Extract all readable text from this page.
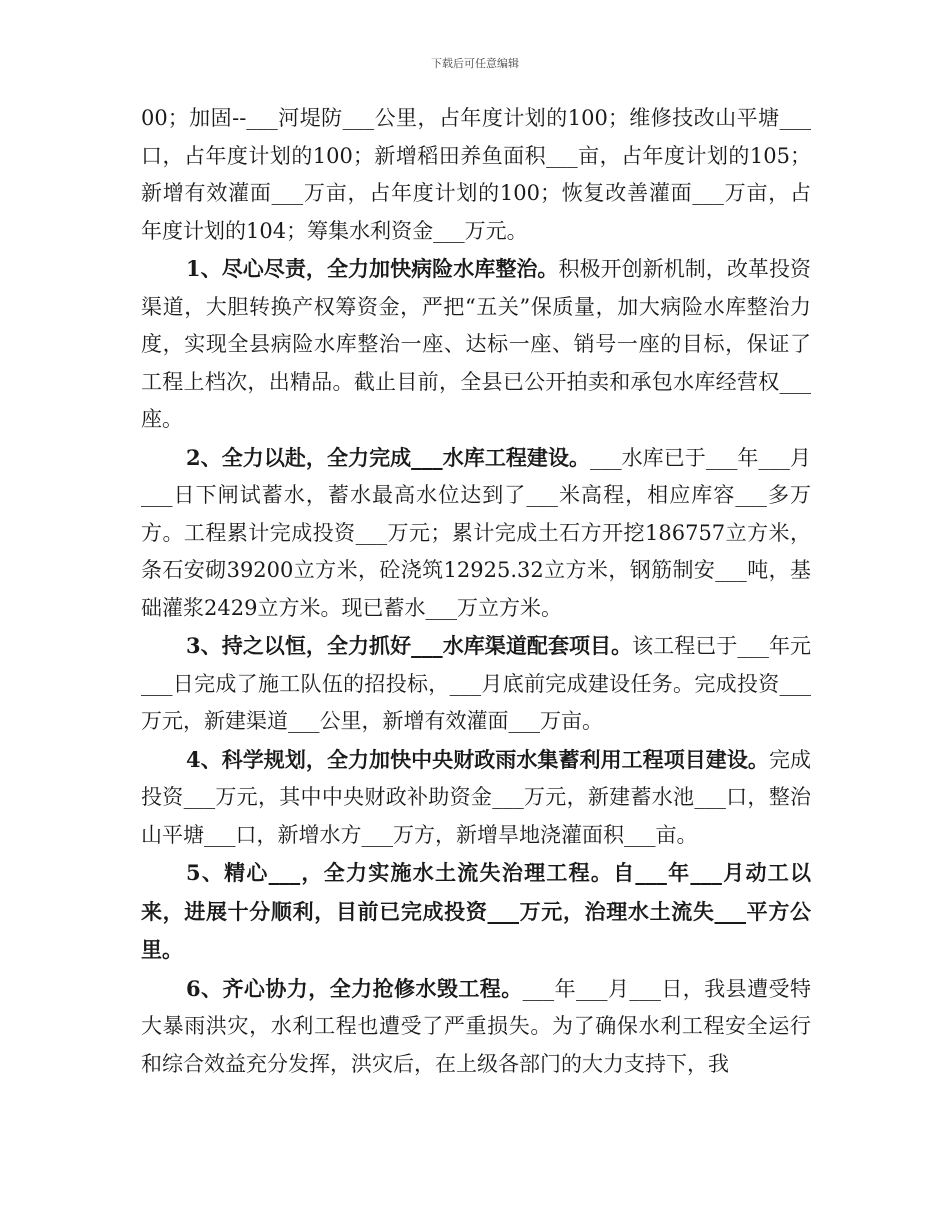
下载后可任意编辑

00；加固--___河堤防___公里，占年度计划的100；维修技改山平塘___口，占年度计划的100；新增稻田养鱼面积___亩，占年度计划的105；新增有效灌面___万亩，占年度计划的100；恢复改善灌面___万亩，占年度计划的104；筹集水利资金___万元。

1、尽心尽责，全力加快病险水库整治。积极开创新机制，改革投资渠道，大胆转换产权筹资金，严把“五关”保质量，加大病险水库整治力度，实现全县病险水库整治一座、达标一座、销号一座的目标，保证了工程上档次，出精品。截止目前，全县已公开拍卖和承包水库经营权___座。

2、全力以赴，全力完成___水库工程建设。___水库已于___年___月___日下闸试蓄水，蓄水最高水位达到了___米高程，相应库容___多万方。工程累计完成投资___万元；累计完成土石方开挖186757立方米，条石安砌39200立方米，砼浇筑12925.32立方米，钢筋制安___吨，基础灌浆2429立方米。现已蓄水___万立方米。

3、持之以恒，全力抓好___水库渠道配套项目。该工程已于___年元___日完成了施工队伍的招投标，___月底前完成建设任务。完成投资___万元，新建渠道___公里，新增有效灌面___万亩。

4、科学规划，全力加快中央财政雨水集蓄利用工程项目建设。完成投资___万元，其中中央财政补助资金___万元，新建蓄水池___口，整治山平塘___口，新增水方___万方，新增旱地浇灌面积___亩。

5、精心___，全力实施水土流失治理工程。自___年___月动工以来，进展十分顺利，目前已完成投资___万元，治理水土流失___平方公里。

6、齐心协力，全力抢修水毁工程。___年___月___日，我县遭受特大暴雨洪灾，水利工程也遭受了严重损失。为了确保水利工程安全运行和综合效益充分发挥，洪灾后，在上级各部门的大力支持下，我
